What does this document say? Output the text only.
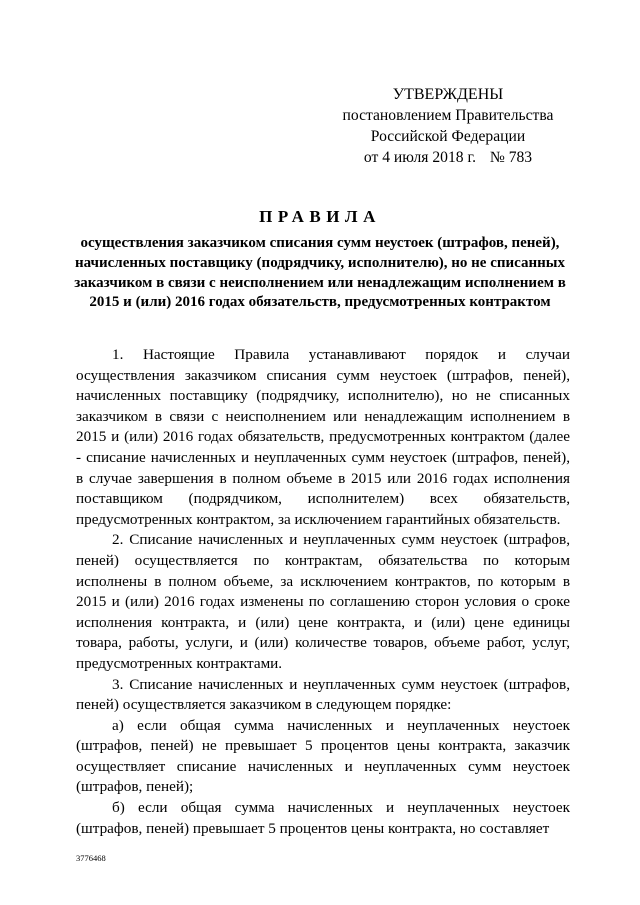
УТВЕРЖДЕНЫ
постановлением Правительства
Российской Федерации
от 4 июля 2018 г. № 783
ПРАВИЛА
осуществления заказчиком списания сумм неустоек (штрафов, пеней), начисленных поставщику (подрядчику, исполнителю), но не списанных заказчиком в связи с неисполнением или ненадлежащим исполнением в 2015 и (или) 2016 годах обязательств, предусмотренных контрактом

1. Настоящие Правила устанавливают порядок и случаи осуществления заказчиком списания сумм неустоек (штрафов, пеней), начисленных поставщику (подрядчику, исполнителю), но не списанных заказчиком в связи с неисполнением или ненадлежащим исполнением в 2015 и (или) 2016 годах обязательств, предусмотренных контрактом (далее - списание начисленных и неуплаченных сумм неустоек (штрафов, пеней), в случае завершения в полном объеме в 2015 или 2016 годах исполнения поставщиком (подрядчиком, исполнителем) всех обязательств, предусмотренных контрактом, за исключением гарантийных обязательств.

2. Списание начисленных и неуплаченных сумм неустоек (штрафов, пеней) осуществляется по контрактам, обязательства по которым исполнены в полном объеме, за исключением контрактов, по которым в 2015 и (или) 2016 годах изменены по соглашению сторон условия о сроке исполнения контракта, и (или) цене контракта, и (или) цене единицы товара, работы, услуги, и (или) количестве товаров, объеме работ, услуг, предусмотренных контрактами.

3. Списание начисленных и неуплаченных сумм неустоек (штрафов, пеней) осуществляется заказчиком в следующем порядке:

а) если общая сумма начисленных и неуплаченных неустоек (штрафов, пеней) не превышает 5 процентов цены контракта, заказчик осуществляет списание начисленных и неуплаченных сумм неустоек (штрафов, пеней);

б) если общая сумма начисленных и неуплаченных неустоек (штрафов, пеней) превышает 5 процентов цены контракта, но составляет

3776468
